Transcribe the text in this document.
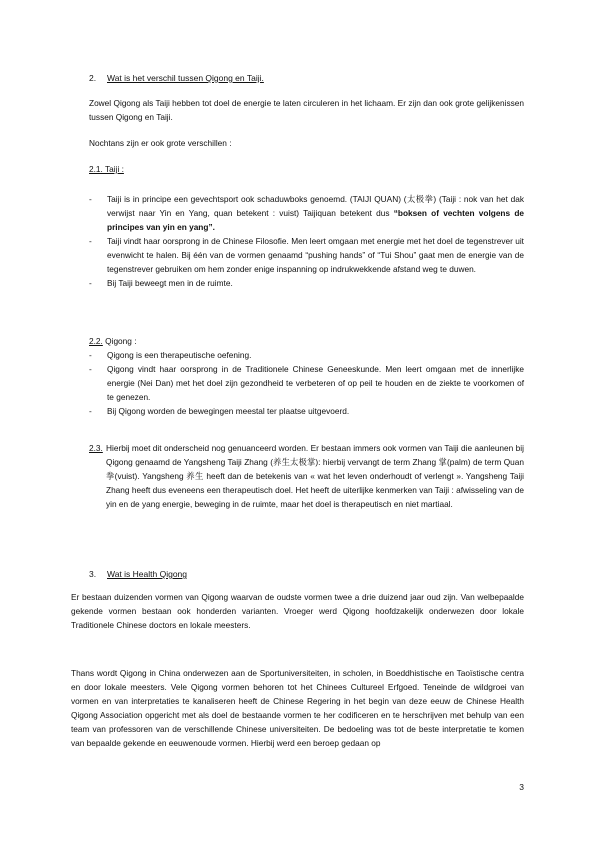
2. Wat is het verschil tussen Qigong en Taiji.

Zowel Qigong als Taiji hebben tot doel de energie te laten circuleren in het lichaam. Er zijn dan ook grote gelijkenissen tussen Qigong en Taiji.

Nochtans zijn er ook grote verschillen :

2.1. Taiji :

- Taiji is in principe een gevechtsport ook schaduwboks genoemd. (TAIJI QUAN) (太极拳) (Taiji : nok van het dak verwijst naar Yin en Yang, quan betekent : vuist) Taijiquan betekent dus “boksen of vechten volgens de principes van yin en yang”.
- Taiji vindt haar oorsprong in de Chinese Filosofie. Men leert omgaan met energie met het doel de tegenstrever uit evenwicht te halen. Bij één van de vormen genaamd “pushing hands” of “Tui Shou” gaat men de energie van de tegenstrever gebruiken om hem zonder enige inspanning op indrukwekkende afstand weg te duwen.
- Bij Taiji beweegt men in de ruimte.

2.2. Qigong :

- Qigong is een therapeutische oefening.
- Qigong vindt haar oorsprong in de Traditionele Chinese Geneeskunde. Men leert omgaan met de innerlijke energie (Nei Dan) met het doel zijn gezondheid te verbeteren of op peil te houden en de ziekte te voorkomen of te genezen.
- Bij Qigong worden de bewegingen meestal ter plaatse uitgevoerd.
2.3. Hierbij moet dit onderscheid nog genuanceerd worden. Er bestaan immers ook vormen van Taiji die aanleunen bij Qigong genaamd de Yangsheng Taiji Zhang (养生太极掌): hierbij vervangt de term Zhang 掌(palm) de term Quan 拳(vuist). Yangsheng 养生 heeft dan de betekenis van « wat het leven onderhoudt of verlengt ». Yangsheng Taiji Zhang heeft dus eveneens een therapeutisch doel. Het heeft de uiterlijke kenmerken van Taiji : afwisseling van de yin en de yang energie, beweging in de ruimte, maar het doel is therapeutisch en niet martiaal.
3. Wat is Health Qigong

Er bestaan duizenden vormen van Qigong waarvan de oudste vormen twee a drie duizend jaar oud zijn. Van welbepaalde gekende vormen bestaan ook honderden varianten. Vroeger werd Qigong hoofdzakelijk onderwezen door lokale Traditionele Chinese doctors en lokale meesters.

Thans wordt Qigong in China onderwezen aan de Sportuniversiteiten, in scholen, in Boeddhistische en Taoïstische centra en door lokale meesters. Vele Qigong vormen behoren tot het Chinees Cultureel Erfgoed. Teneinde de wildgroei van vormen en van interpretaties te kanaliseren heeft de Chinese Regering in het begin van deze eeuw de Chinese Health Qigong Association opgericht met als doel de bestaande vormen te her codificeren en te herschrijven met behulp van een team van professoren van de verschillende Chinese universiteiten. De bedoeling was tot de beste interpretatie te komen van bepaalde gekende en eeuwenoude vormen. Hierbij werd een beroep gedaan op

3
